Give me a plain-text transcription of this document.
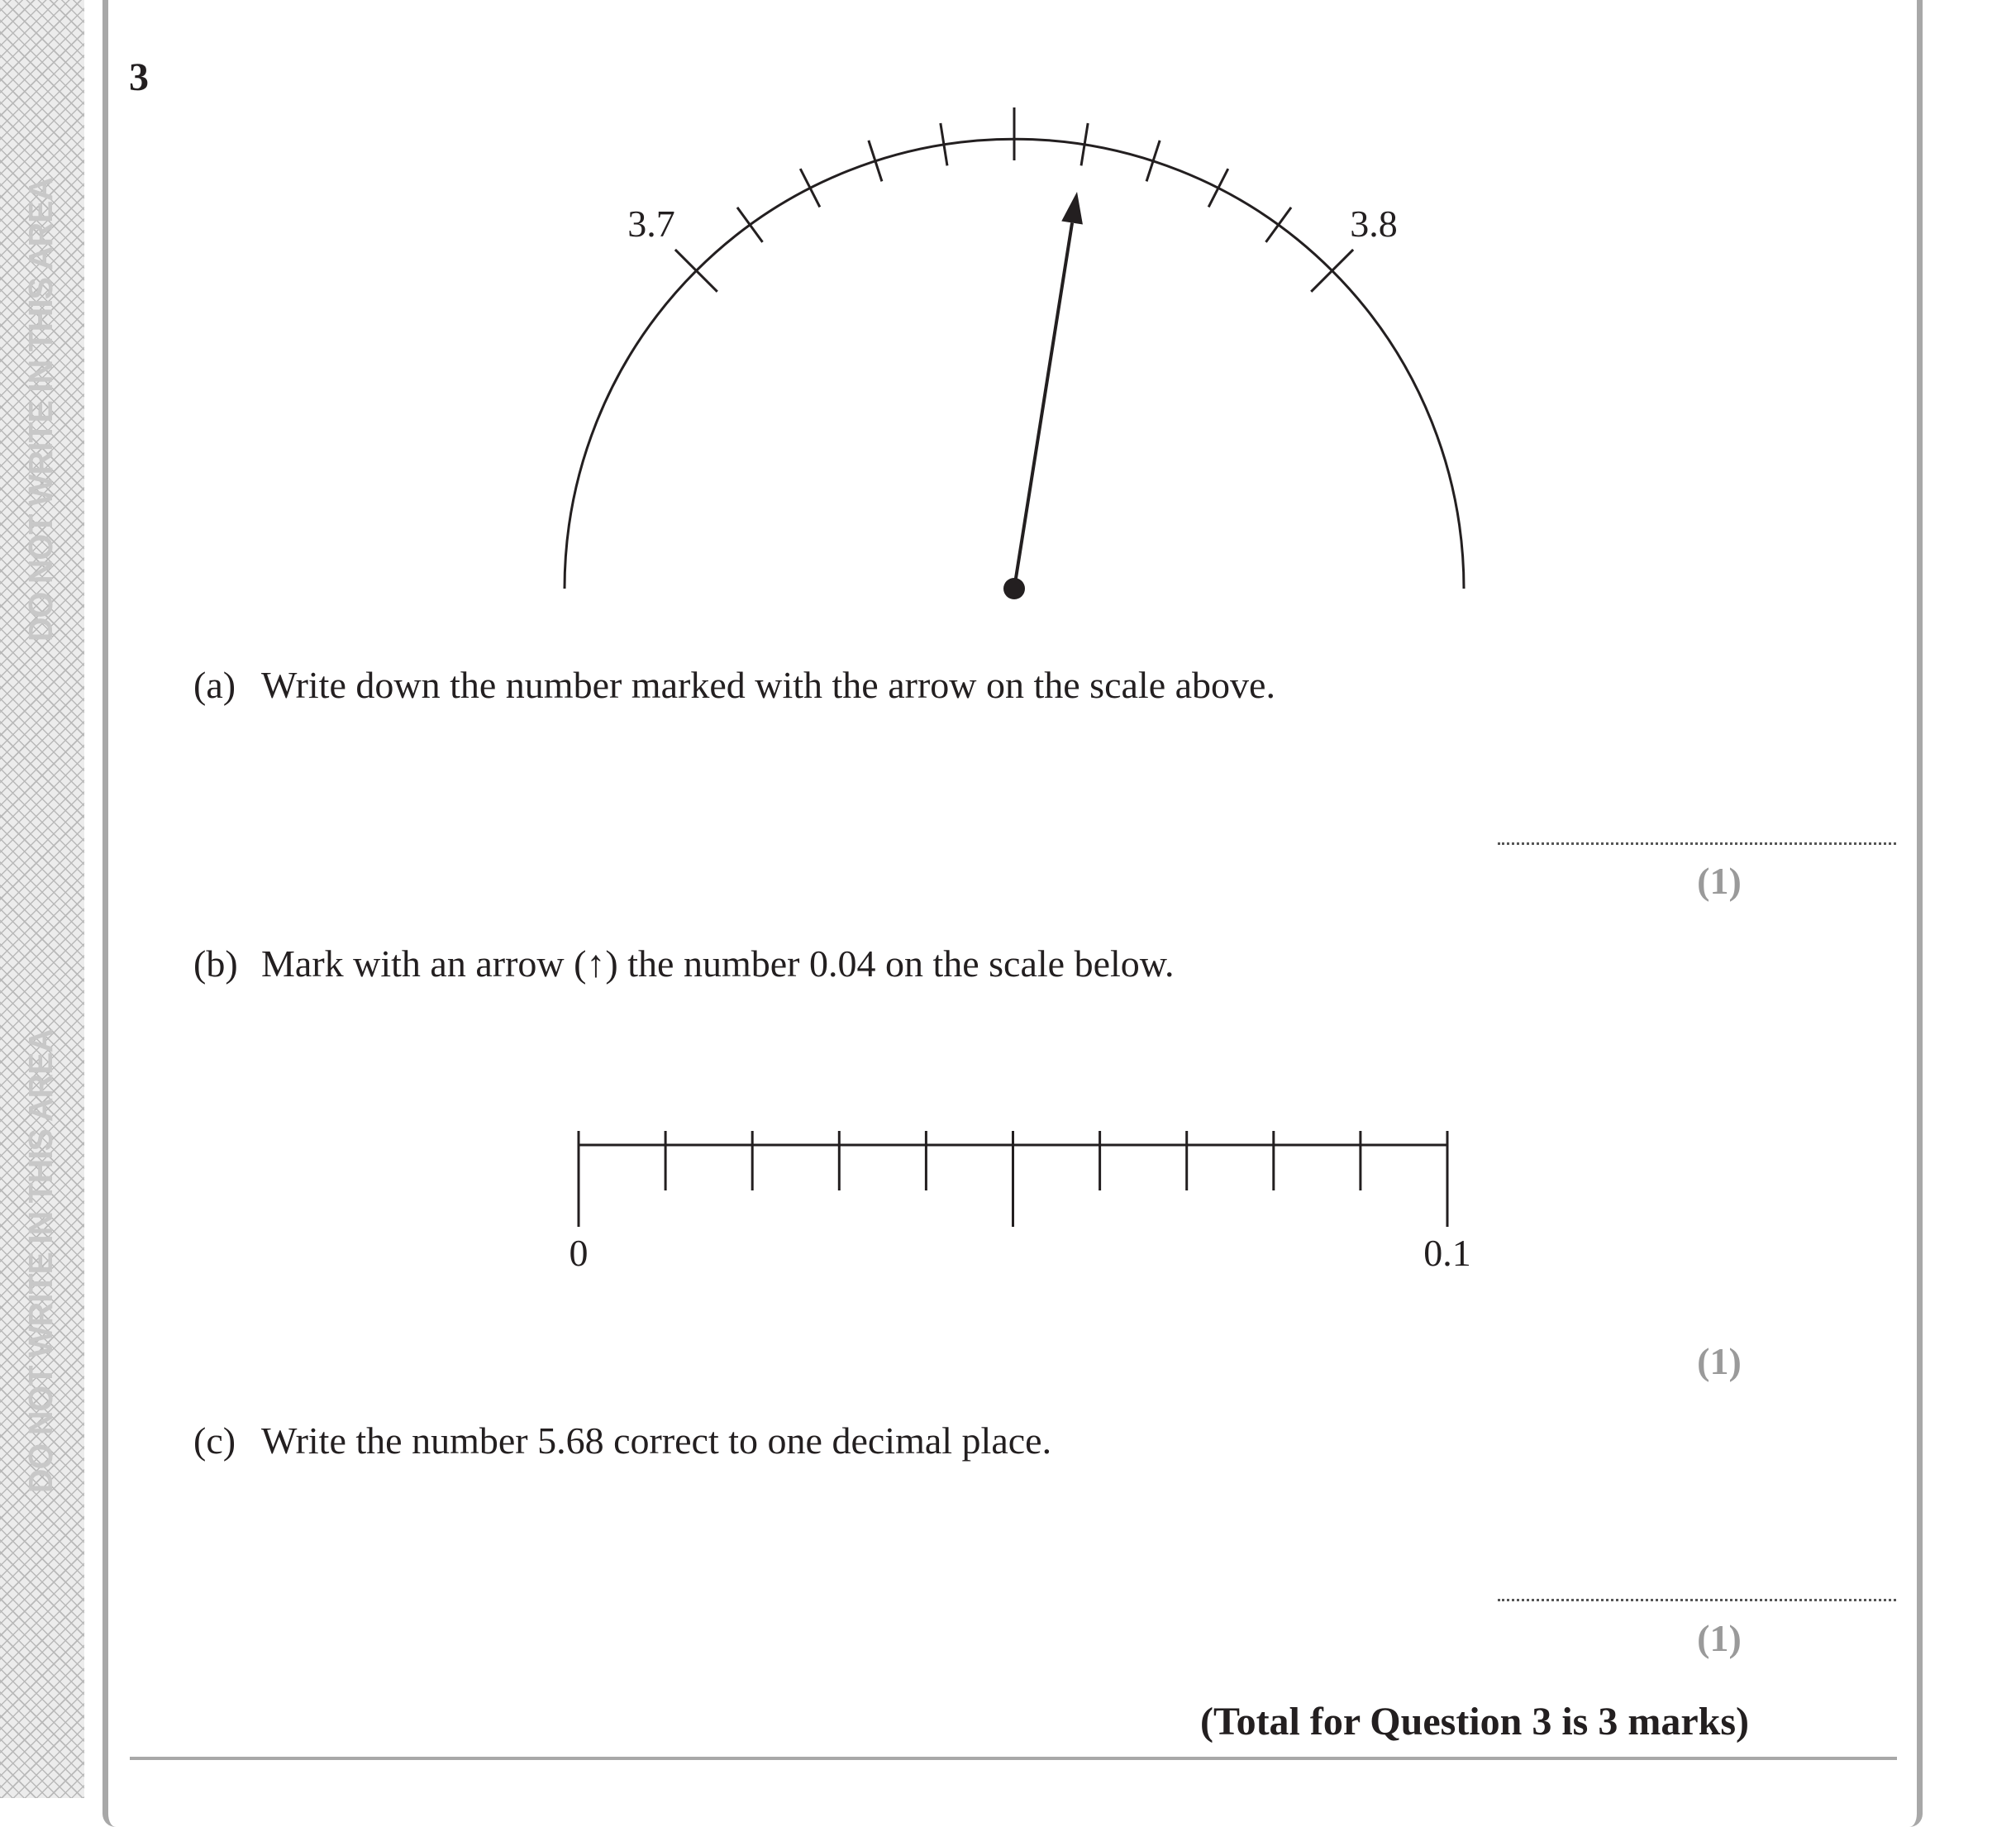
DO NOT WRITE IN THIS AREA
DO NOT WRITE IN THIS AREA
3
3.7	3.8
0	0.1
(a) Write down the number marked with the arrow on the scale above.
(1)
(b) Mark with an arrow (↑) the number 0.04 on the scale below.
(1)
(c) Write the number 5.68 correct to one decimal place.
(1)
(Total for Question 3 is 3 marks)
